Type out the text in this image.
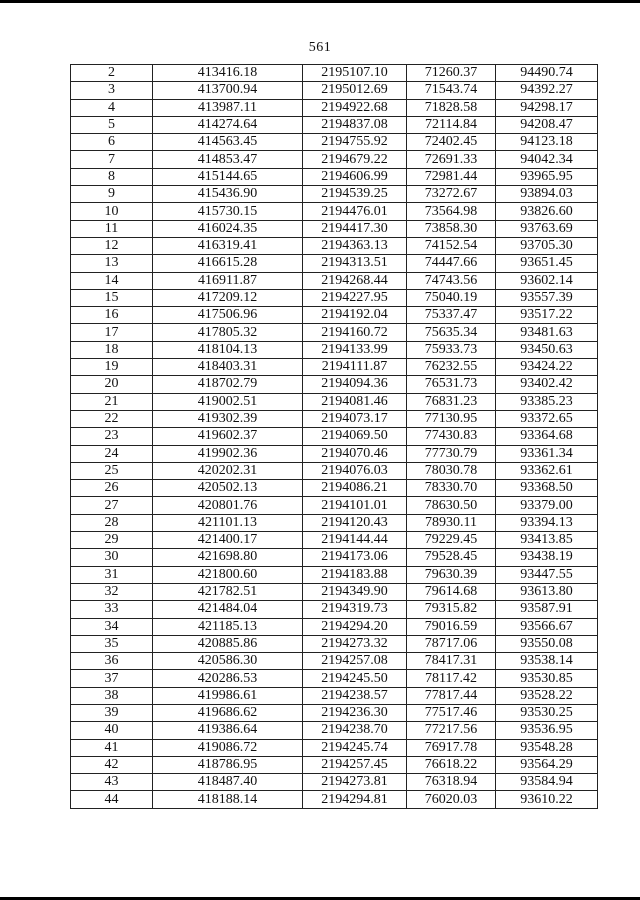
561
2	413416.18	2195107.10	71260.37	94490.74
3	413700.94	2195012.69	71543.74	94392.27
4	413987.11	2194922.68	71828.58	94298.17
5	414274.64	2194837.08	72114.84	94208.47
6	414563.45	2194755.92	72402.45	94123.18
7	414853.47	2194679.22	72691.33	94042.34
8	415144.65	2194606.99	72981.44	93965.95
9	415436.90	2194539.25	73272.67	93894.03
10	415730.15	2194476.01	73564.98	93826.60
11	416024.35	2194417.30	73858.30	93763.69
12	416319.41	2194363.13	74152.54	93705.30
13	416615.28	2194313.51	74447.66	93651.45
14	416911.87	2194268.44	74743.56	93602.14
15	417209.12	2194227.95	75040.19	93557.39
16	417506.96	2194192.04	75337.47	93517.22
17	417805.32	2194160.72	75635.34	93481.63
18	418104.13	2194133.99	75933.73	93450.63
19	418403.31	2194111.87	76232.55	93424.22
20	418702.79	2194094.36	76531.73	93402.42
21	419002.51	2194081.46	76831.23	93385.23
22	419302.39	2194073.17	77130.95	93372.65
23	419602.37	2194069.50	77430.83	93364.68
24	419902.36	2194070.46	77730.79	93361.34
25	420202.31	2194076.03	78030.78	93362.61
26	420502.13	2194086.21	78330.70	93368.50
27	420801.76	2194101.01	78630.50	93379.00
28	421101.13	2194120.43	78930.11	93394.13
29	421400.17	2194144.44	79229.45	93413.85
30	421698.80	2194173.06	79528.45	93438.19
31	421800.60	2194183.88	79630.39	93447.55
32	421782.51	2194349.90	79614.68	93613.80
33	421484.04	2194319.73	79315.82	93587.91
34	421185.13	2194294.20	79016.59	93566.67
35	420885.86	2194273.32	78717.06	93550.08
36	420586.30	2194257.08	78417.31	93538.14
37	420286.53	2194245.50	78117.42	93530.85
38	419986.61	2194238.57	77817.44	93528.22
39	419686.62	2194236.30	77517.46	93530.25
40	419386.64	2194238.70	77217.56	93536.95
41	419086.72	2194245.74	76917.78	93548.28
42	418786.95	2194257.45	76618.22	93564.29
43	418487.40	2194273.81	76318.94	93584.94
44	418188.14	2194294.81	76020.03	93610.22
